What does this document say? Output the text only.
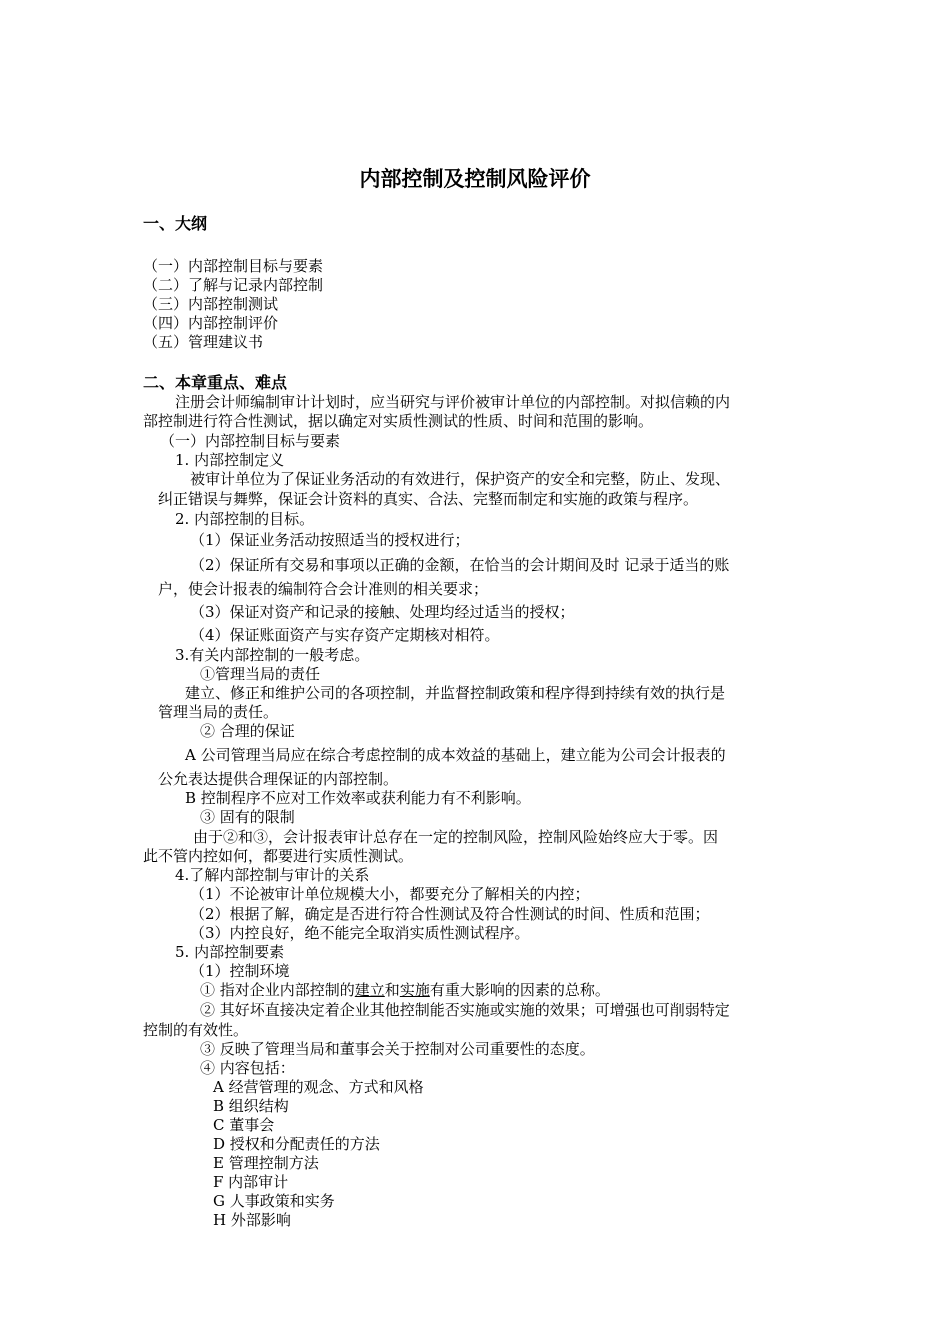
内部控制及控制风险评价
一、大纲
（一）内部控制目标与要素
（二）了解与记录内部控制
（三）内部控制测试
（四）内部控制评价
（五）管理建议书
二、本章重点、难点
注册会计师编制审计计划时，应当研究与评价被审计单位的内部控制。对拟信赖的内
部控制进行符合性测试，据以确定对实质性测试的性质、时间和范围的影响。
（一）内部控制目标与要素
1. 内部控制定义
被审计单位为了保证业务活动的有效进行，保护资产的安全和完整，防止、发现、
纠正错误与舞弊，保证会计资料的真实、合法、完整而制定和实施的政策与程序。
2. 内部控制的目标。
（1）保证业务活动按照适当的授权进行；
（2）保证所有交易和事项以正确的金额，在恰当的会计期间及时 记录于适当的账
户，使会计报表的编制符合会计准则的相关要求；
（3）保证对资产和记录的接触、处理均经过适当的授权；
（4）保证账面资产与实存资产定期核对相符。
3.有关内部控制的一般考虑。
①管理当局的责任
建立、修正和维护公司的各项控制，并监督控制政策和程序得到持续有效的执行是
管理当局的责任。
② 合理的保证
A 公司管理当局应在综合考虑控制的成本效益的基础上，建立能为公司会计报表的
公允表达提供合理保证的内部控制。
B 控制程序不应对工作效率或获利能力有不利影响。
③ 固有的限制
由于②和③，会计报表审计总存在一定的控制风险，控制风险始终应大于零。因
此不管内控如何，都要进行实质性测试。
4.了解内部控制与审计的关系
（1）不论被审计单位规模大小，都要充分了解相关的内控；
（2）根据了解，确定是否进行符合性测试及符合性测试的时间、性质和范围；
（3）内控良好，绝不能完全取消实质性测试程序。
5. 内部控制要素
（1）控制环境
① 指对企业内部控制的建立和实施有重大影响的因素的总称。
② 其好坏直接决定着企业其他控制能否实施或实施的效果；可增强也可削弱特定
控制的有效性。
③ 反映了管理当局和董事会关于控制对公司重要性的态度。
④ 内容包括：
A 经营管理的观念、方式和风格
B 组织结构
C 董事会
D 授权和分配责任的方法
E 管理控制方法
F 内部审计
G 人事政策和实务
H 外部影响
